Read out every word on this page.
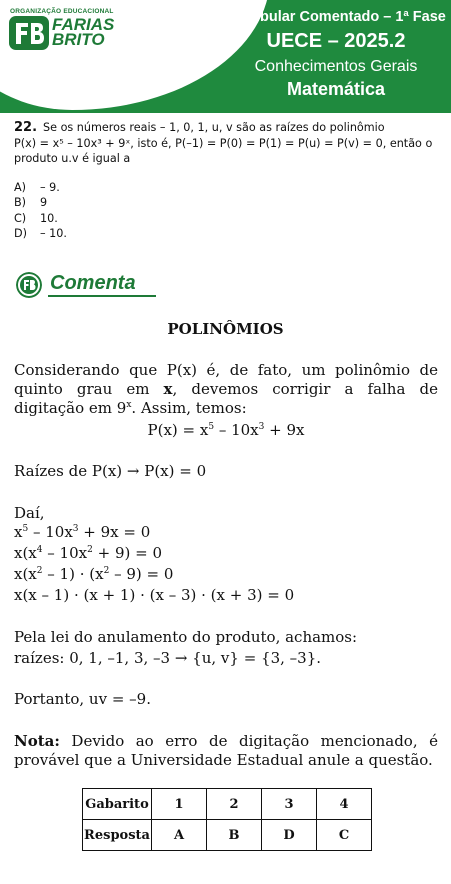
ORGANIZAÇÃO EDUCACIONAL
FARIAS
BRITO
Vestibular Comentado – 1ª Fase
UECE – 2025.2
Conhecimentos Gerais
Matemática
22. Se os números reais – 1, 0, 1, u, v são as raízes do polinômio
P(x) = x⁵ – 10x³ + 9ˣ, isto é, P(–1) = P(0) = P(1) = P(u) = P(v) = 0, então o
produto u.v é igual a
A) – 9.
B) 9
C) 10.
D) – 10.
Comenta
POLINÔMIOS
Considerando que P(x) é, de fato, um polinômio de quinto grau em x, devemos corrigir a falha de digitação em 9$^x$. Assim, temos:
$P(x) = x^5 - 10x^3 + 9x$
Raízes de P(x) → P(x) = 0
Daí,
$x^5 - 10x^3 + 9x = 0$
$x(x^4 - 10x^2 + 9) = 0$
$x(x^2 - 1) \cdot (x^2 - 9) = 0$
x(x – 1) · (x + 1) · (x – 3) · (x + 3) = 0
Pela lei do anulamento do produto, achamos:
raízes: 0, 1, –1, 3, –3 → {u, v} = {3, –3}.
Portanto, uv = –9.
Nota: Devido ao erro de digitação mencionado, é provável que a Universidade Estadual anule a questão.
Gabarito	1	2	3	4
Resposta	A	B	D	C
